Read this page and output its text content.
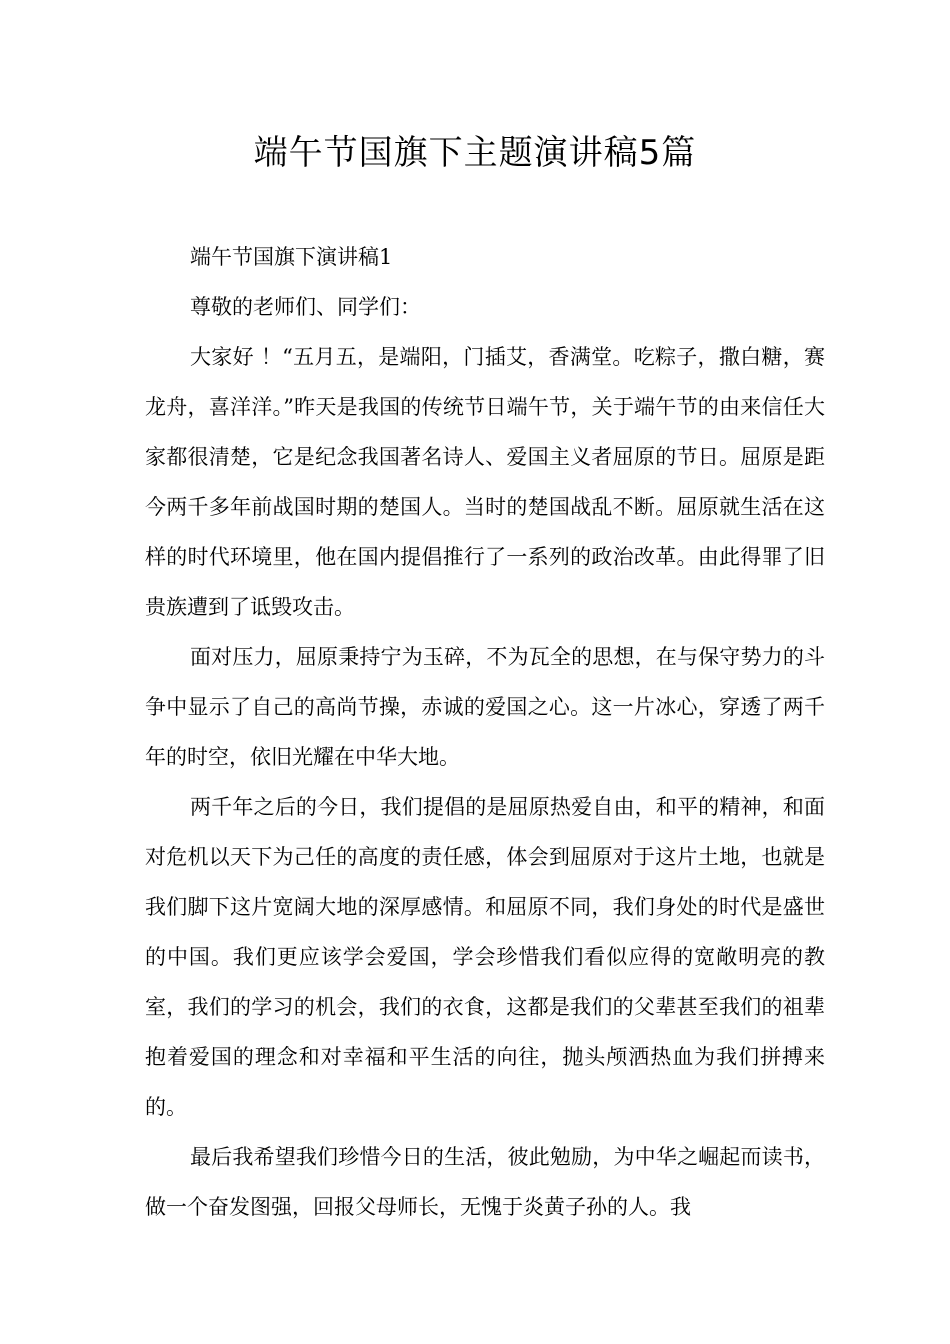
端午节国旗下主题演讲稿5篇

端午节国旗下演讲稿1

尊敬的老师们、同学们：

大家好 ！“五月五，是端阳，门插艾，香满堂。吃粽子，撒白糖，赛龙舟，喜洋洋。”昨天是我国的传统节日端午节，关于端午节的由来信任大家都很清楚，它是纪念我国著名诗人、爱国主义者屈原的节日。屈原是距今两千多年前战国时期的楚国人。当时的楚国战乱不断。屈原就生活在这样的时代环境里，他在国内提倡推行了一系列的政治改革。由此得罪了旧贵族遭到了诋毁攻击。

面对压力，屈原秉持宁为玉碎，不为瓦全的思想，在与保守势力的斗争中显示了自己的高尚节操，赤诚的爱国之心。这一片冰心，穿透了两千年的时空，依旧光耀在中华大地。

两千年之后的今日，我们提倡的是屈原热爱自由，和平的精神，和面对危机以天下为己任的高度的责任感，体会到屈原对于这片土地，也就是我们脚下这片宽阔大地的深厚感情。和屈原不同，我们身处的时代是盛世的中国。我们更应该学会爱国，学会珍惜我们看似应得的宽敞明亮的教室，我们的学习的机会，我们的衣食，这都是我们的父辈甚至我们的祖辈抱着爱国的理念和对幸福和平生活的向往，抛头颅洒热血为我们拼搏来的。

最后我希望我们珍惜今日的生活，彼此勉励，为中华之崛起而读书，做一个奋发图强，回报父母师长，无愧于炎黄子孙的人。我
